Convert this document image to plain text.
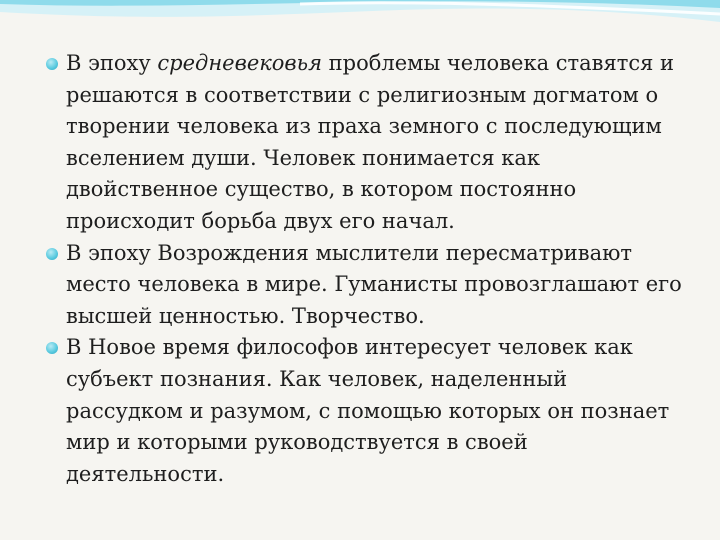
В эпоху средневековья проблемы человека ставятся и решаются в соответствии с религиозным догматом о творении человека из праха земного с последующим вселением души. Человек понимается как двойственное существо, в котором постоянно происходит борьба двух его начал.
В эпоху Возрождения мыслители пересматривают место человека в мире. Гуманисты провозглашают его высшей ценностью. Творчество.
В Новое время философов интересует человек как субъект познания. Как человек, наделенный рассудком и разумом, с помощью которых он познает мир и которыми руководствуется в своей деятельности.
